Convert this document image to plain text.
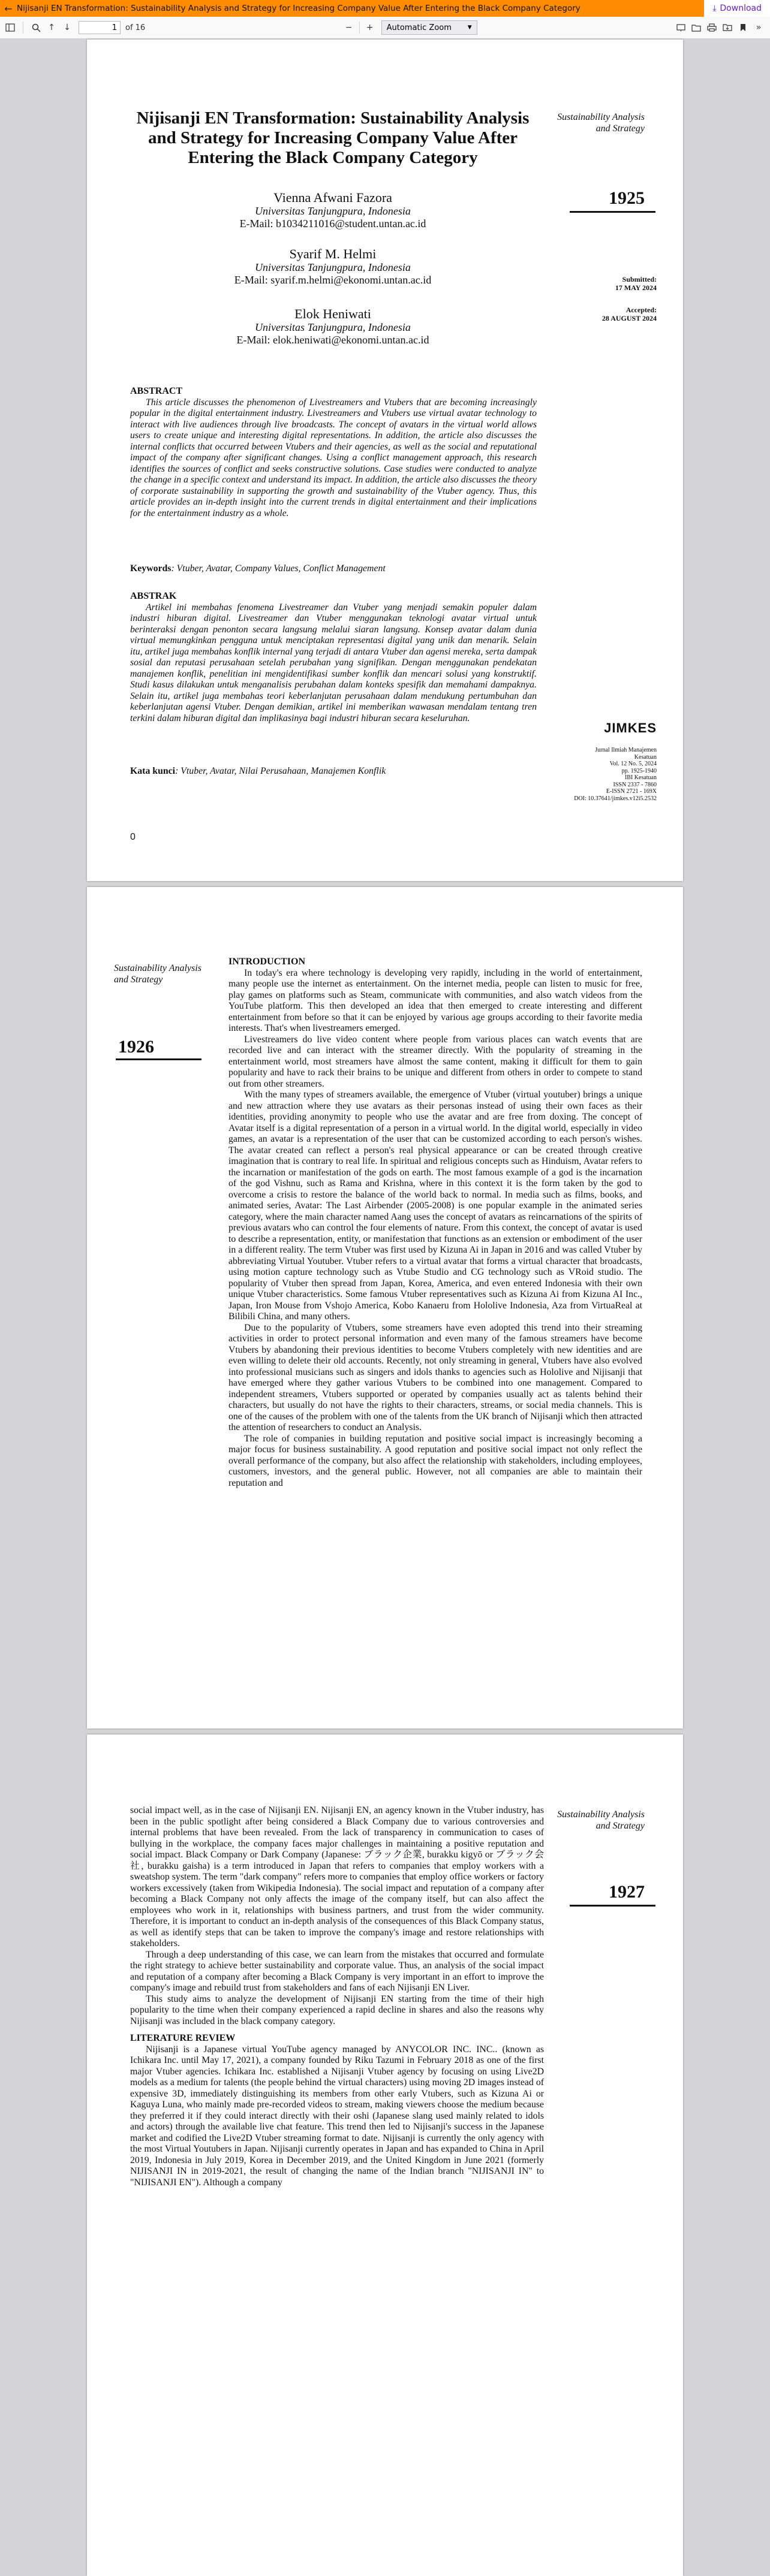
← Nijisanji EN Transformation: Sustainability Analysis and Strategy for Increasing Company Value After Entering the Black Company Category	⤓ Download
↑	↓	1	of 16	−	+	Automatic Zoom	▼	»
Nijisanji EN Transformation: Sustainability Analysis and Strategy for Increasing Company Value After Entering the Black Company Category
Sustainability Analysis and Strategy
1925
Vienna Afwani Fazora
Universitas Tanjungpura, Indonesia
E-Mail: b1034211016@student.untan.ac.id
Syarif M. Helmi
Universitas Tanjungpura, Indonesia
E-Mail: syarif.m.helmi@ekonomi.untan.ac.id
Elok Heniwati
Universitas Tanjungpura, Indonesia
E-Mail: elok.heniwati@ekonomi.untan.ac.id
Submitted:
17 MAY 2024
Accepted:
28 AUGUST 2024

ABSTRACT

This article discusses the phenomenon of Livestreamers and Vtubers that are becoming increasingly popular in the digital entertainment industry. Livestreamers and Vtubers use virtual avatar technology to interact with live audiences through live broadcasts. The concept of avatars in the virtual world allows users to create unique and interesting digital representations. In addition, the article also discusses the internal conflicts that occurred between Vtubers and their agencies, as well as the social and reputational impact of the company after significant changes. Using a conflict management approach, this research identifies the sources of conflict and seeks constructive solutions. Case studies were conducted to analyze the change in a specific context and understand its impact. In addition, the article also discusses the theory of corporate sustainability in supporting the growth and sustainability of the Vtuber agency. Thus, this article provides an in-depth insight into the current trends in digital entertainment and their implications for the entertainment industry as a whole.

Keywords: Vtuber, Avatar, Company Values, Conflict Management

ABSTRAK

Artikel ini membahas fenomena Livestreamer dan Vtuber yang menjadi semakin populer dalam industri hiburan digital. Livestreamer dan Vtuber menggunakan teknologi avatar virtual untuk berinteraksi dengan penonton secara langsung melalui siaran langsung. Konsep avatar dalam dunia virtual memungkinkan pengguna untuk menciptakan representasi digital yang unik dan menarik. Selain itu, artikel juga membahas konflik internal yang terjadi di antara Vtuber dan agensi mereka, serta dampak sosial dan reputasi perusahaan setelah perubahan yang signifikan. Dengan menggunakan pendekatan manajemen konflik, penelitian ini mengidentifikasi sumber konflik dan mencari solusi yang konstruktif. Studi kasus dilakukan untuk menganalisis perubahan dalam konteks spesifik dan memahami dampaknya. Selain itu, artikel juga membahas teori keberlanjutan perusahaan dalam mendukung pertumbuhan dan keberlanjutan agensi Vtuber. Dengan demikian, artikel ini memberikan wawasan mendalam tentang tren terkini dalam hiburan digital dan implikasinya bagi industri hiburan secara keseluruhan.

Kata kunci: Vtuber, Avatar, Nilai Perusahaan, Manajemen Konflik

JIMKES
Jurnal Ilmiah Manajemen
Kesatuan
Vol. 12 No. 5, 2024
pp. 1925-1940
IBI Kesatuan
ISSN 2337 - 7860
E-ISSN 2721 - 169X
DOI: 10.37641/jimkes.v12i5.2532
0
Sustainability Analysis and Strategy
1926

INTRODUCTION

In today's era where technology is developing very rapidly, including in the world of entertainment, many people use the internet as entertainment. On the internet media, people can listen to music for free, play games on platforms such as Steam, communicate with communities, and also watch videos from the YouTube platform. This then developed an idea that then emerged to create interesting and different entertainment from before so that it can be enjoyed by various age groups according to their favorite media interests. That's when livestreamers emerged.

Livestreamers do live video content where people from various places can watch events that are recorded live and can interact with the streamer directly. With the popularity of streaming in the entertainment world, most streamers have almost the same content, making it difficult for them to gain popularity and have to rack their brains to be unique and different from others in order to compete to stand out from other streamers.

With the many types of streamers available, the emergence of Vtuber (virtual youtuber) brings a unique and new attraction where they use avatars as their personas instead of using their own faces as their identities, providing anonymity to people who use the avatar and are free from doxing. The concept of Avatar itself is a digital representation of a person in a virtual world. In the digital world, especially in video games, an avatar is a representation of the user that can be customized according to each person's wishes. The avatar created can reflect a person's real physical appearance or can be created through creative imagination that is contrary to real life. In spiritual and religious concepts such as Hinduism, Avatar refers to the incarnation or manifestation of the gods on earth. The most famous example of a god is the incarnation of the god Vishnu, such as Rama and Krishna, where in this context it is the form taken by the god to overcome a crisis to restore the balance of the world back to normal. In media such as films, books, and animated series, Avatar: The Last Airbender (2005-2008) is one popular example in the animated series category, where the main character named Aang uses the concept of avatars as reincarnations of the spirits of previous avatars who can control the four elements of nature. From this context, the concept of avatar is used to describe a representation, entity, or manifestation that functions as an extension or embodiment of the user in a different reality. The term Vtuber was first used by Kizuna Ai in Japan in 2016 and was called Vtuber by abbreviating Virtual Youtuber. Vtuber refers to a virtual avatar that forms a virtual character that broadcasts, using motion capture technology such as Vtube Studio and CG technology such as VRoid studio. The popularity of Vtuber then spread from Japan, Korea, America, and even entered Indonesia with their own unique Vtuber characteristics. Some famous Vtuber representatives such as Kizuna Ai from Kizuna AI Inc., Japan, Iron Mouse from Vshojo America, Kobo Kanaeru from Hololive Indonesia, Aza from VirtuaReal at Bilibili China, and many others.

Due to the popularity of Vtubers, some streamers have even adopted this trend into their streaming activities in order to protect personal information and even many of the famous streamers have become Vtubers by abandoning their previous identities to become Vtubers completely with new identities and are even willing to delete their old accounts. Recently, not only streaming in general, Vtubers have also evolved into professional musicians such as singers and idols thanks to agencies such as Hololive and Nijisanji that have emerged where they gather various Vtubers to be combined into one management. Compared to independent streamers, Vtubers supported or operated by companies usually act as talents behind their characters, but usually do not have the rights to their characters, streams, or social media channels. This is one of the causes of the problem with one of the talents from the UK branch of Nijisanji which then attracted the attention of researchers to conduct an Analysis.

The role of companies in building reputation and positive social impact is increasingly becoming a major focus for business sustainability. A good reputation and positive social impact not only reflect the overall performance of the company, but also affect the relationship with stakeholders, including employees, customers, investors, and the general public. However, not all companies are able to maintain their reputation and

Sustainability Analysis and Strategy
1927

social impact well, as in the case of Nijisanji EN. Nijisanji EN, an agency known in the Vtuber industry, has been in the public spotlight after being considered a Black Company due to various controversies and internal problems that have been revealed. From the lack of transparency in communication to cases of bullying in the workplace, the company faces major challenges in maintaining a positive reputation and social impact. Black Company or Dark Company (Japanese: ブラック企業, burakku kigyō or ブラック会社, burakku gaisha) is a term introduced in Japan that refers to companies that employ workers with a sweatshop system. The term "dark company" refers more to companies that employ office workers or factory workers excessively (taken from Wikipedia Indonesia). The social impact and reputation of a company after becoming a Black Company not only affects the image of the company itself, but can also affect the employees who work in it, relationships with business partners, and trust from the wider community. Therefore, it is important to conduct an in-depth analysis of the consequences of this Black Company status, as well as identify steps that can be taken to improve the company's image and restore relationships with stakeholders.

Through a deep understanding of this case, we can learn from the mistakes that occurred and formulate the right strategy to achieve better sustainability and corporate value. Thus, an analysis of the social impact and reputation of a company after becoming a Black Company is very important in an effort to improve the company's image and rebuild trust from stakeholders and fans of each Nijisanji EN Liver.

This study aims to analyze the development of Nijisanji EN starting from the time of their high popularity to the time when their company experienced a rapid decline in shares and also the reasons why Nijisanji was included in the black company category.

LITERATURE REVIEW

Nijisanji is a Japanese virtual YouTube agency managed by ANYCOLOR INC. INC.. (known as Ichikara Inc. until May 17, 2021), a company founded by Riku Tazumi in February 2018 as one of the first major Vtuber agencies. Ichikara Inc. established a Nijisanji Vtuber agency by focusing on using Live2D models as a medium for talents (the people behind the virtual characters) using moving 2D images instead of expensive 3D, immediately distinguishing its members from other early Vtubers, such as Kizuna Ai or Kaguya Luna, who mainly made pre-recorded videos to stream, making viewers choose the medium because they preferred it if they could interact directly with their oshi (Japanese slang used mainly related to idols and actors) through the available live chat feature. This trend then led to Nijisanji's success in the Japanese market and codified the Live2D Vtuber streaming format to date. Nijisanji is currently the only agency with the most Virtual Youtubers in Japan. Nijisanji currently operates in Japan and has expanded to China in April 2019, Indonesia in July 2019, Korea in December 2019, and the United Kingdom in June 2021 (formerly NIJISANJI IN in 2019-2021, the result of changing the name of the Indian branch "NIJISANJI IN" to "NIJISANJI EN"). Although a company
